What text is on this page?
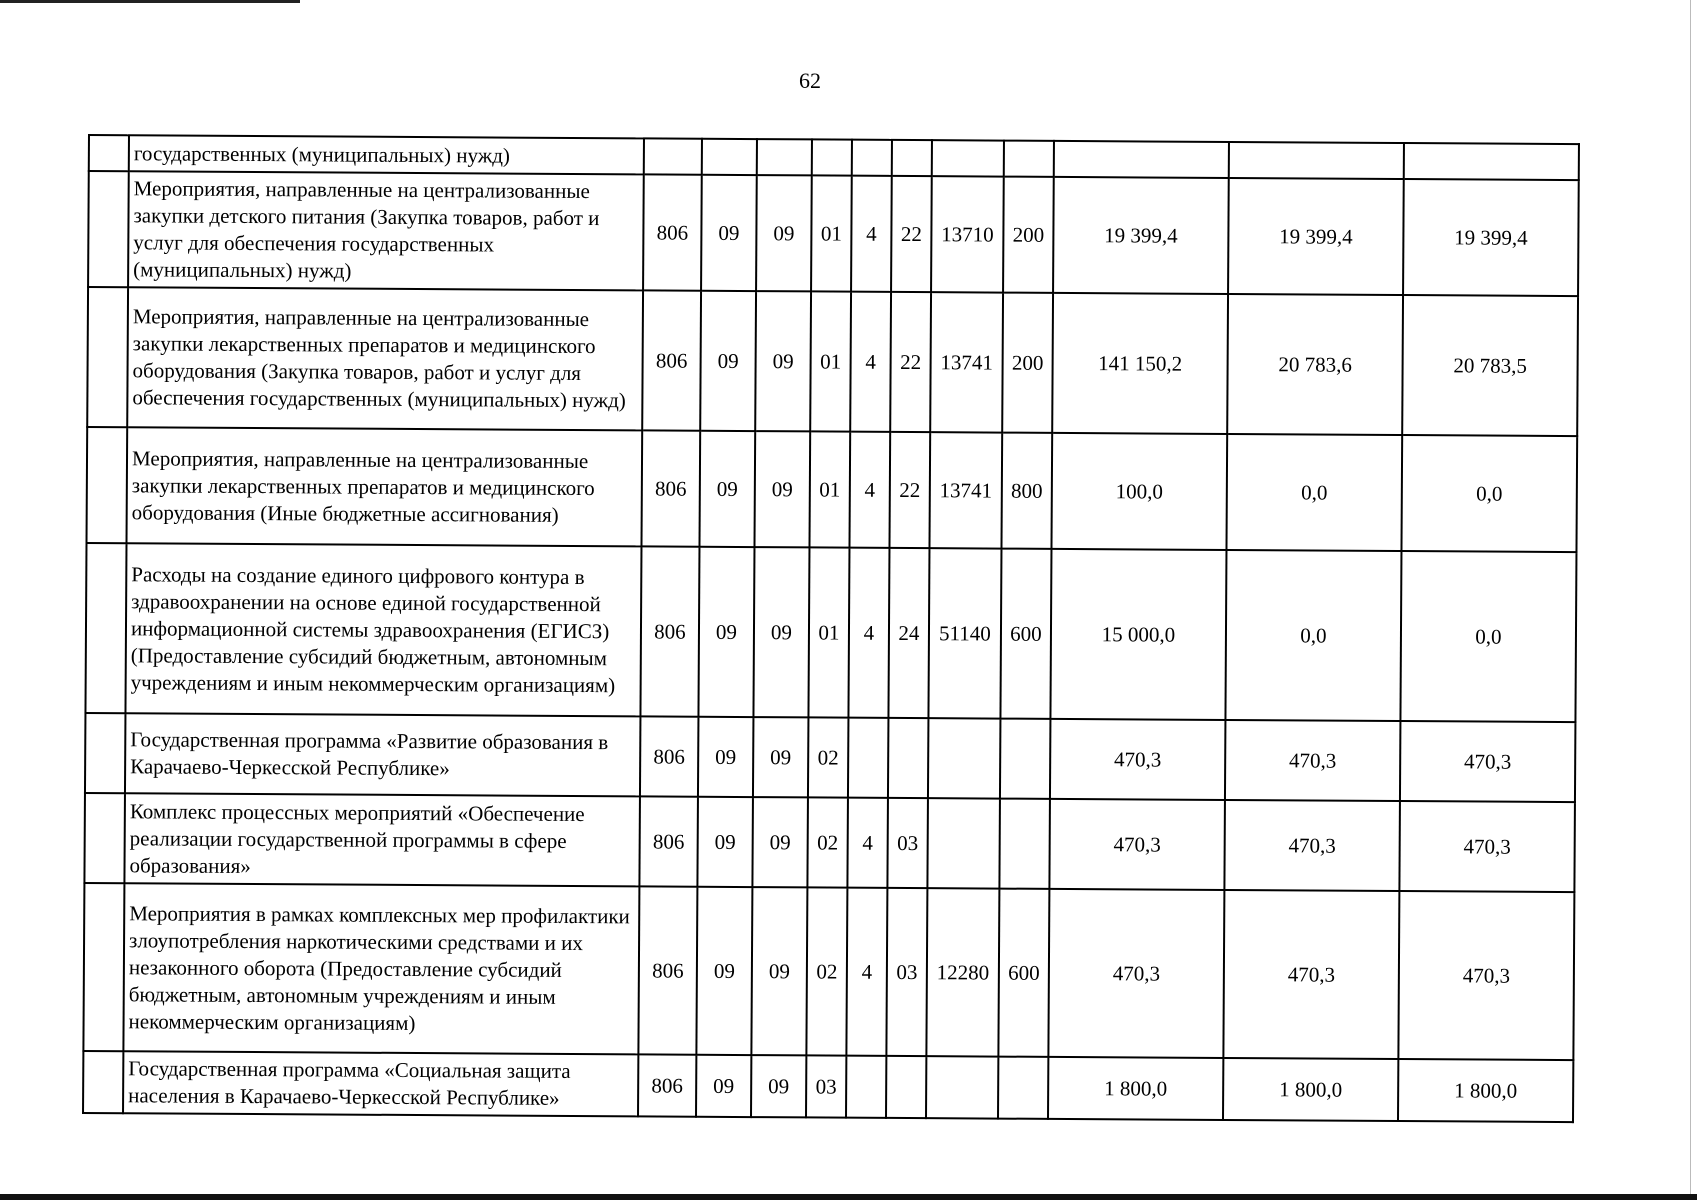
62
	государственных (муниципальных) нужд)											
	Мероприятия, направленные на централизованные закупки детского питания (Закупка товаров, работ и услуг для обеспечения государственных (муниципальных) нужд)	806	09	09	01	4	22	13710	200	19 399,4	19 399,4	19 399,4
	Мероприятия, направленные на централизованные закупки лекарственных препаратов и медицинского оборудования (Закупка товаров, работ и услуг для обеспечения государственных (муниципальных) нужд)	806	09	09	01	4	22	13741	200	141 150,2	20 783,6	20 783,5
	Мероприятия, направленные на централизованные закупки лекарственных препаратов и медицинского оборудования (Иные бюджетные ассигнования)	806	09	09	01	4	22	13741	800	100,0	0,0	0,0
	Расходы на создание единого цифрового контура в здравоохранении на основе единой государственной информационной системы здравоохранения (ЕГИСЗ) (Предоставление субсидий бюджетным, автономным учреждениям и иным некоммерческим организациям)	806	09	09	01	4	24	51140	600	15 000,0	0,0	0,0
	Государственная программа «Развитие образования в Карачаево-Черкесской Республике»	806	09	09	02					470,3	470,3	470,3
	Комплекс процессных мероприятий «Обеспечение реализации государственной программы в сфере образования»	806	09	09	02	4	03			470,3	470,3	470,3
	Мероприятия в рамках комплексных мер профилактики злоупотребления наркотическими средствами и их незаконного оборота (Предоставление субсидий бюджетным, автономным учреждениям и иным некоммерческим организациям)	806	09	09	02	4	03	12280	600	470,3	470,3	470,3
	Государственная программа «Социальная защита населения в Карачаево-Черкесской Республике»	806	09	09	03					1 800,0	1 800,0	1 800,0
